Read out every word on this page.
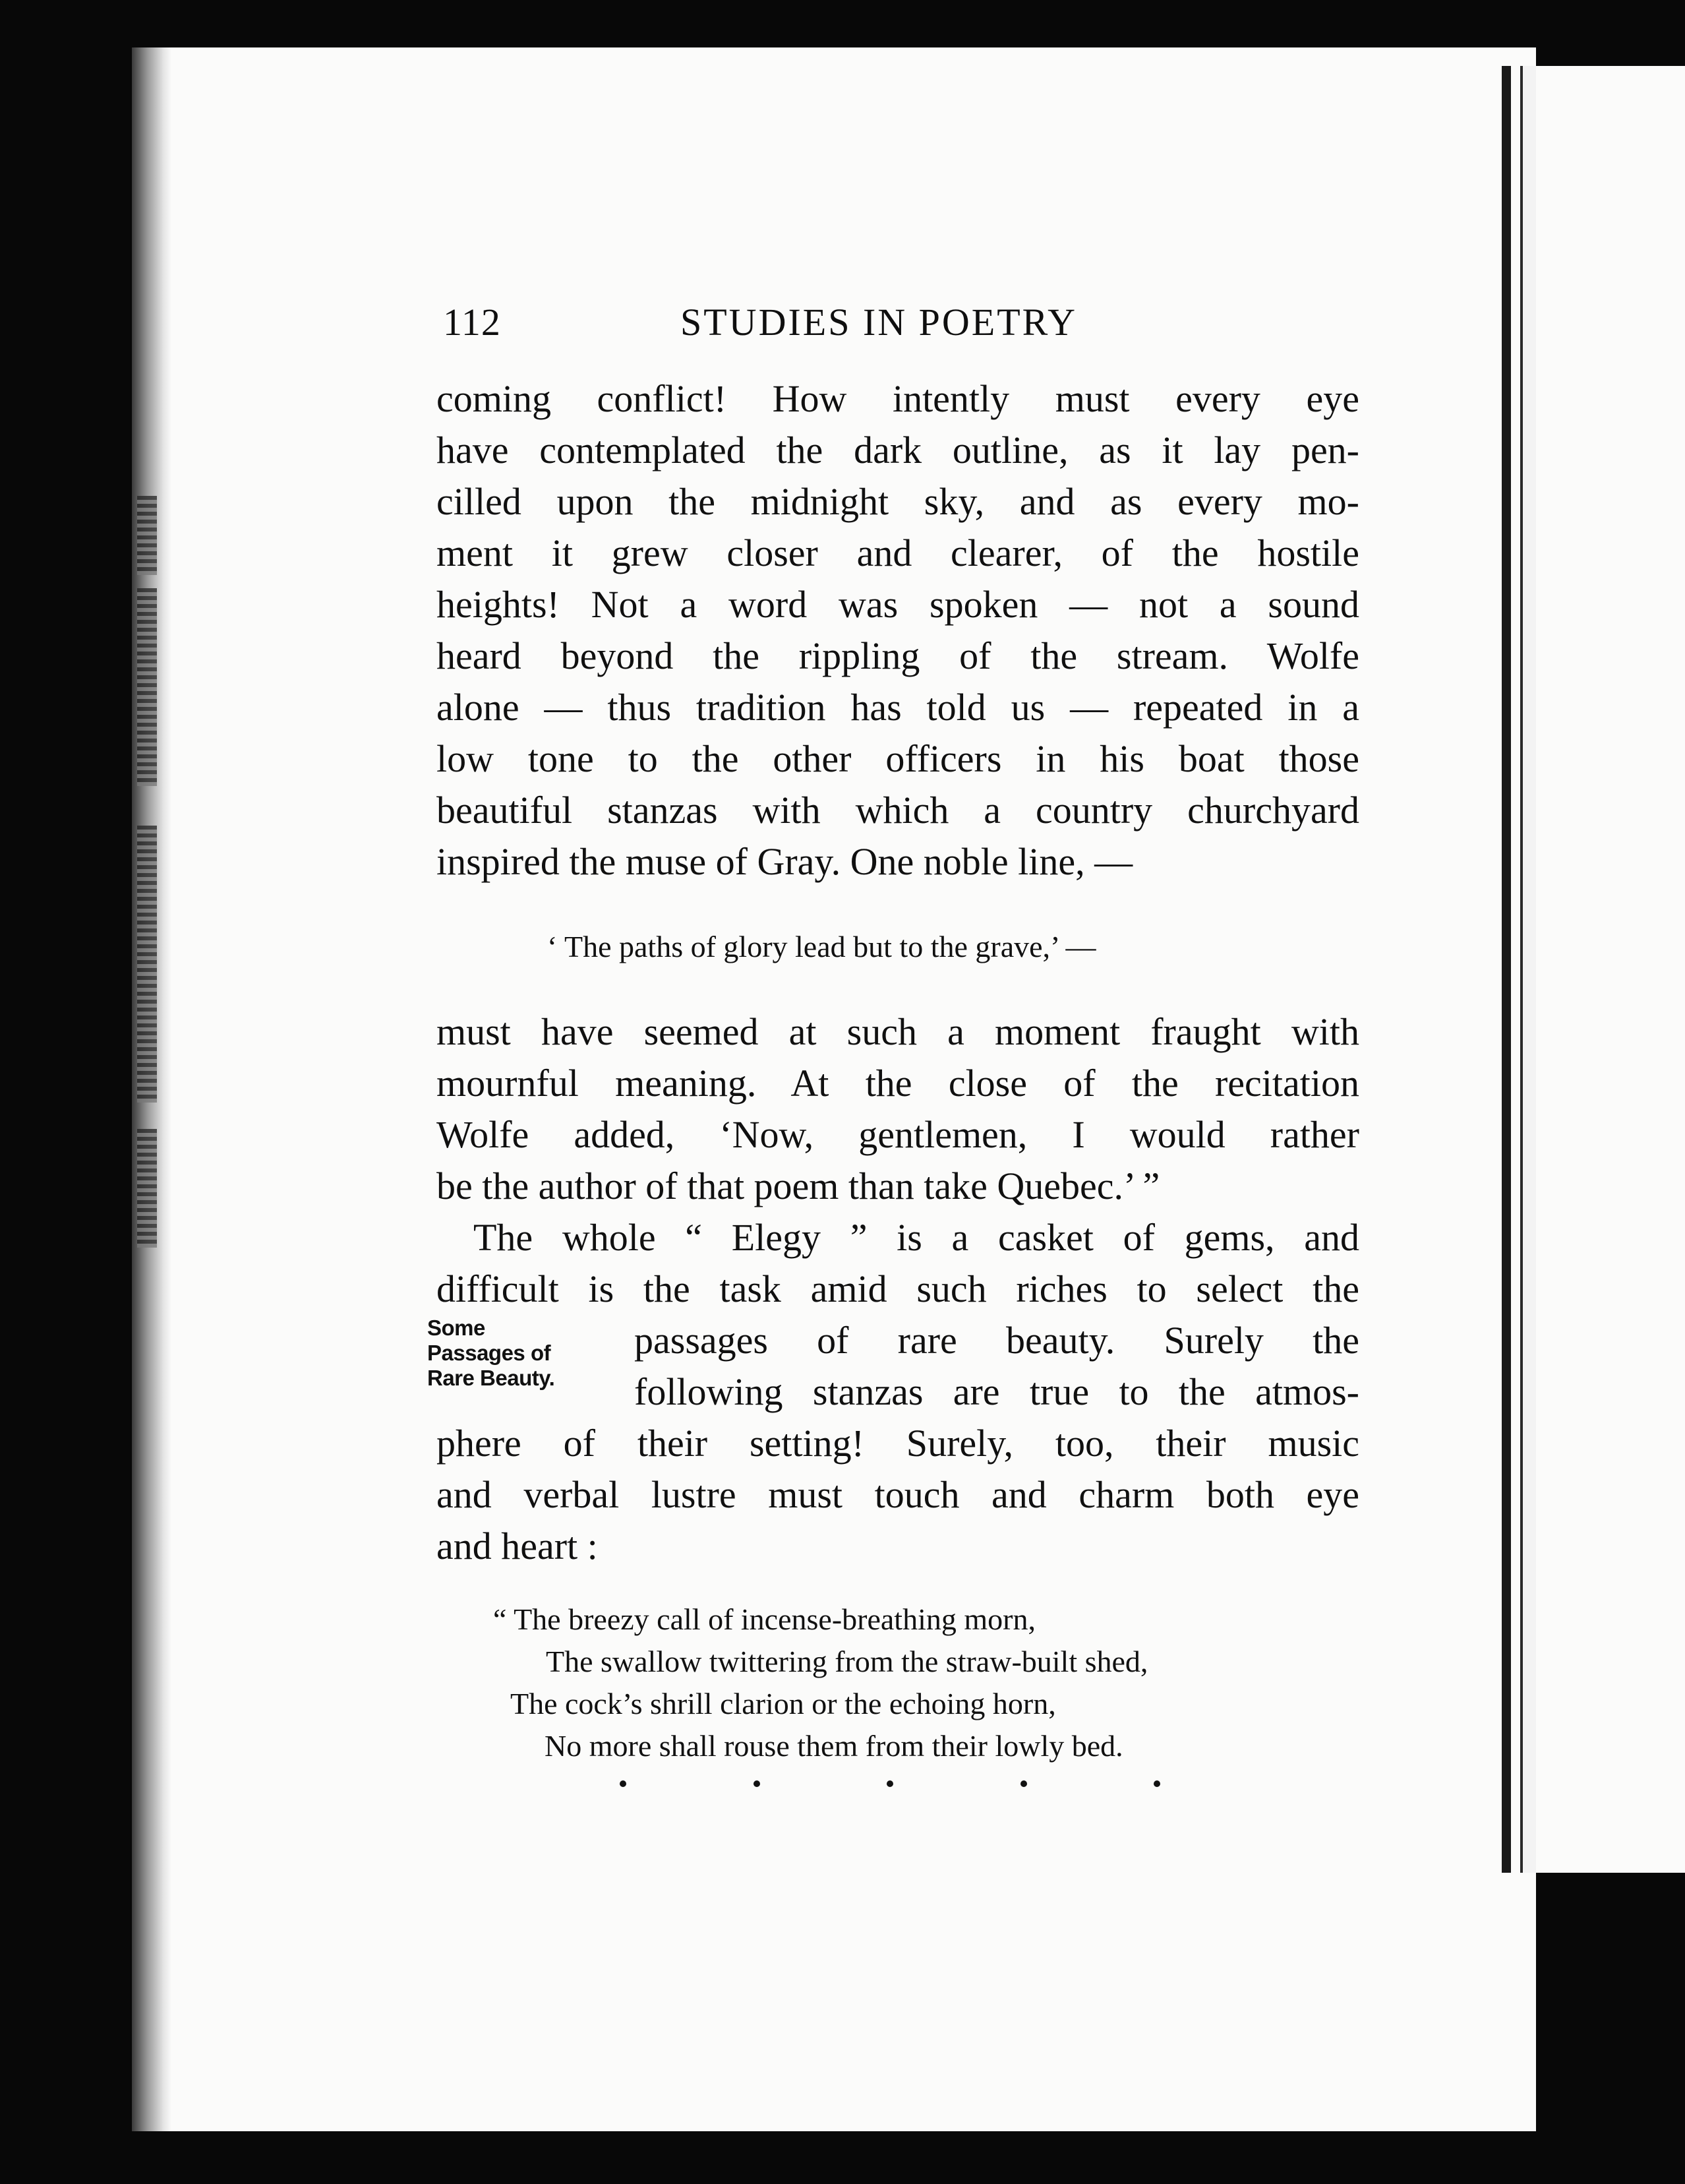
112	STUDIES IN POETRY
coming conflict! How intently must every eye
have contemplated the dark outline, as it lay pen-
cilled upon the midnight sky, and as every mo-
ment it grew closer and clearer, of the hostile
heights! Not a word was spoken — not a sound
heard beyond the rippling of the stream. Wolfe
alone — thus tradition has told us — repeated in a
low tone to the other officers in his boat those
beautiful stanzas with which a country churchyard
inspired the muse of Gray. One noble line, —
‘ The paths of glory lead but to the grave,’ —
must have seemed at such a moment fraught with
mournful meaning. At the close of the recitation
Wolfe added, ‘Now, gentlemen, I would rather
be the author of that poem than take Quebec.’ ”
The whole “ Elegy ” is a casket of gems, and
difficult is the task amid such riches to select the
passages of rare beauty. Surely the
following stanzas are true to the atmos-
phere of their setting! Surely, too, their music
and verbal lustre must touch and charm both eye
and heart :
Some
Passages of
Rare Beauty.
“ The breezy call of incense-breathing morn,
The swallow twittering from the straw-built shed,
The cock’s shrill clarion or the echoing horn,
No more shall rouse them from their lowly bed.
